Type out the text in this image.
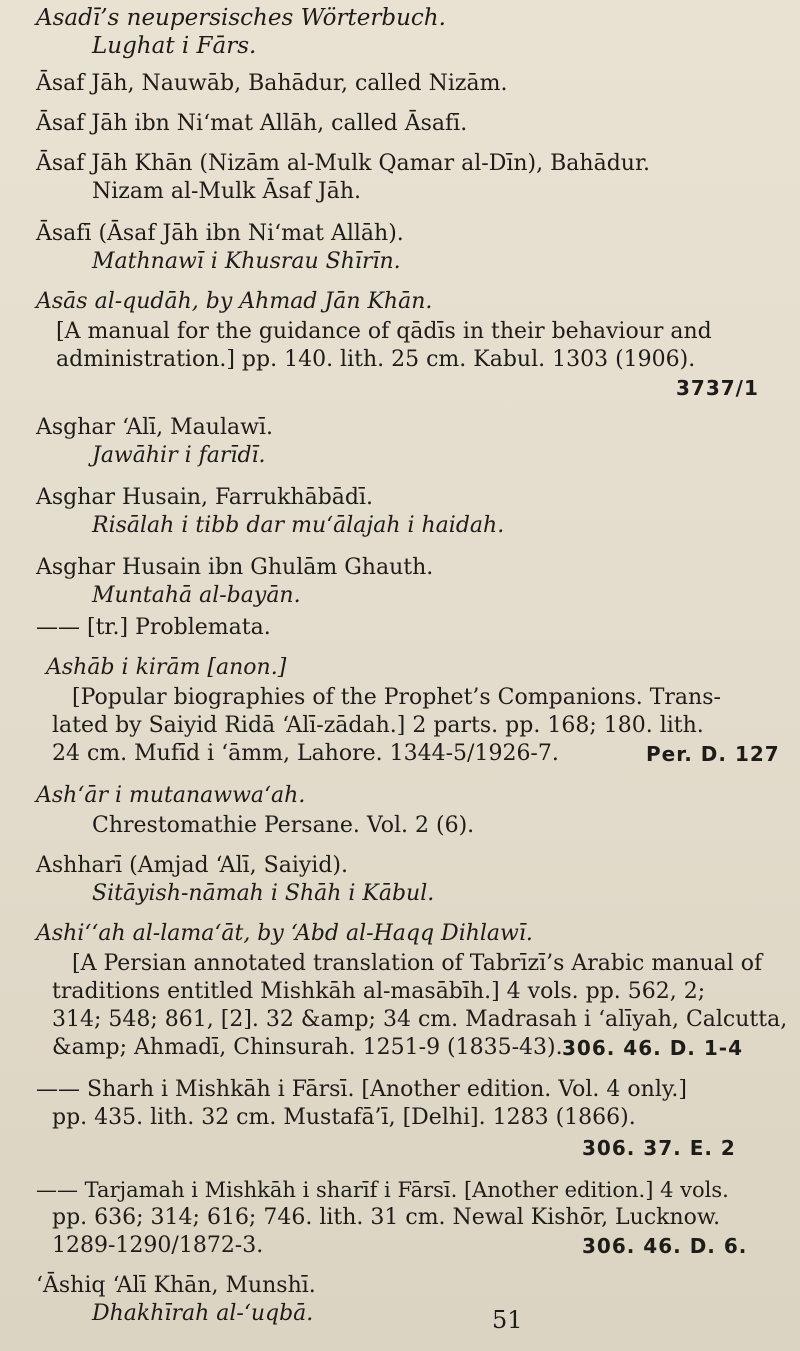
Asadī’s neupersisches Wörterbuch.
Lughat i Fārs.
Āsaf Jāh, Nauwāb, Bahādur, called Nizām.
Āsaf Jāh ibn Ni‘mat Allāh, called Āsafī.
Āsaf Jāh Khān (Nizām al-Mulk Qamar al-Dīn), Bahādur.
Nizam al-Mulk Āsaf Jāh.
Āsafī (Āsaf Jāh ibn Ni‘mat Allāh).
Mathnawī i Khusrau Shīrīn.
Asās al-qudāh, by Ahmad Jān Khān.
[A manual for the guidance of qādīs in their behaviour and
administration.] pp. 140. lith. 25 cm. Kabul. 1303 (1906).
3737/1
Asghar ‘Alī, Maulawī.
Jawāhir i farīdī.
Asghar Husain, Farrukhābādī.
Risālah i tibb dar mu‘ālajah i haidah.
Asghar Husain ibn Ghulām Ghauth.
Muntahā al-bayān.
—— [tr.] Problemata.
Ashāb i kirām [anon.]
[Popular biographies of the Prophet’s Companions. Trans-
lated by Saiyid Ridā ‘Alī-zādah.] 2 parts. pp. 168; 180. lith.
24 cm. Mufīd i ‘āmm, Lahore. 1344-5/1926-7.	Per. D. 127
Ash‘ār i mutanawwa‘ah.
Chrestomathie Persane. Vol. 2 (6).
Ashharī (Amjad ‘Alī, Saiyid).
Sitāyish-nāmah i Shāh i Kābul.
Ashi‘‘ah al-lama‘āt, by ‘Abd al-Haqq Dihlawī.
[A Persian annotated translation of Tabrīzī’s Arabic manual of
traditions entitled Mishkāh al-masābīh.] 4 vols. pp. 562, 2;
314; 548; 861, [2]. 32 &amp; 34 cm. Madrasah i ‘alīyah, Calcutta,
&amp; Ahmadī, Chinsurah. 1251-9 (1835-43). 306. 46. D. 1-4
—— Sharh i Mishkāh i Fārsī. [Another edition. Vol. 4 only.]
pp. 435. lith. 32 cm. Mustafā’ī, [Delhi]. 1283 (1866).
306. 37. E. 2
—— Tarjamah i Mishkāh i sharīf i Fārsī. [Another edition.] 4 vols.
pp. 636; 314; 616; 746. lith. 31 cm. Newal Kishōr, Lucknow.
1289-1290/1872-3.	306. 46. D. 6.
‘Āshiq ‘Alī Khān, Munshī.
Dhakhīrah al-‘uqbā.	51
